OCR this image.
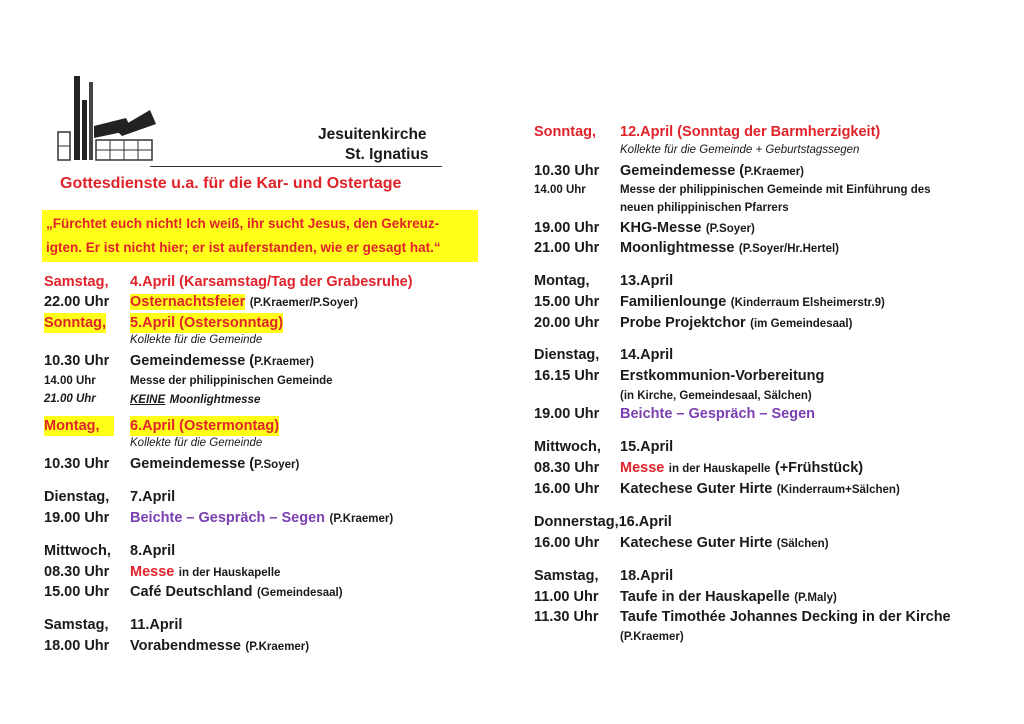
Jesuitenkirche
St. Ignatius
Gottesdienste u.a. für die Kar- und Ostertage
„Fürchtet euch nicht! Ich weiß, ihr sucht Jesus, den Gekreuz-
igten. Er ist nicht hier; er ist auferstanden, wie er gesagt hat.“
Samstag, 4.April (Karsamstag/Tag der Grabesruhe)
22.00 Uhr Osternachtsfeier (P.Kraemer/P.Soyer)
Sonntag, 5.April (Ostersonntag)
Kollekte für die Gemeinde
10.30 Uhr Gemeindemesse (P.Kraemer)
14.00 Uhr	Messe der philippinischen Gemeinde
21.00 Uhr	KEINE Moonlightmesse
Montag,	6.April (Ostermontag)
Kollekte für die Gemeinde
10.30 Uhr Gemeindemesse (P.Soyer)
Dienstag, 7.April
19.00 Uhr Beichte – Gespräch – Segen (P.Kraemer)
Mittwoch, 8.April
08.30 Uhr Messe in der Hauskapelle
15.00 Uhr Café Deutschland (Gemeindesaal)
Samstag, 11.April
18.00 Uhr Vorabendmesse (P.Kraemer)
Sonntag, 12.April (Sonntag der Barmherzigkeit)
Kollekte für die Gemeinde + Geburtstagssegen
10.30 Uhr Gemeindemesse (P.Kraemer)
14.00 Uhr	Messe der philippinischen Gemeinde mit Einführung des
neuen philippinischen Pfarrers
19.00 Uhr KHG-Messe (P.Soyer)
21.00 Uhr Moonlightmesse (P.Soyer/Hr.Hertel)
Montag, 13.April
15.00 Uhr Familienlounge (Kinderraum Elsheimerstr.9)
20.00 Uhr Probe Projektchor (im Gemeindesaal)
Dienstag, 14.April
16.15 Uhr Erstkommunion-Vorbereitung
(in Kirche, Gemeindesaal, Sälchen)
19.00 Uhr Beichte – Gespräch – Segen
Mittwoch, 15.April
08.30 Uhr Messe in der Hauskapelle (+Frühstück)
16.00 Uhr Katechese Guter Hirte (Kinderraum+Sälchen)
Donnerstag,16.April
16.00 Uhr Katechese Guter Hirte (Sälchen)
Samstag, 18.April
11.00 Uhr Taufe in der Hauskapelle (P.Maly)
11.30 Uhr Taufe Timothée Johannes Decking in der Kirche
(P.Kraemer)
